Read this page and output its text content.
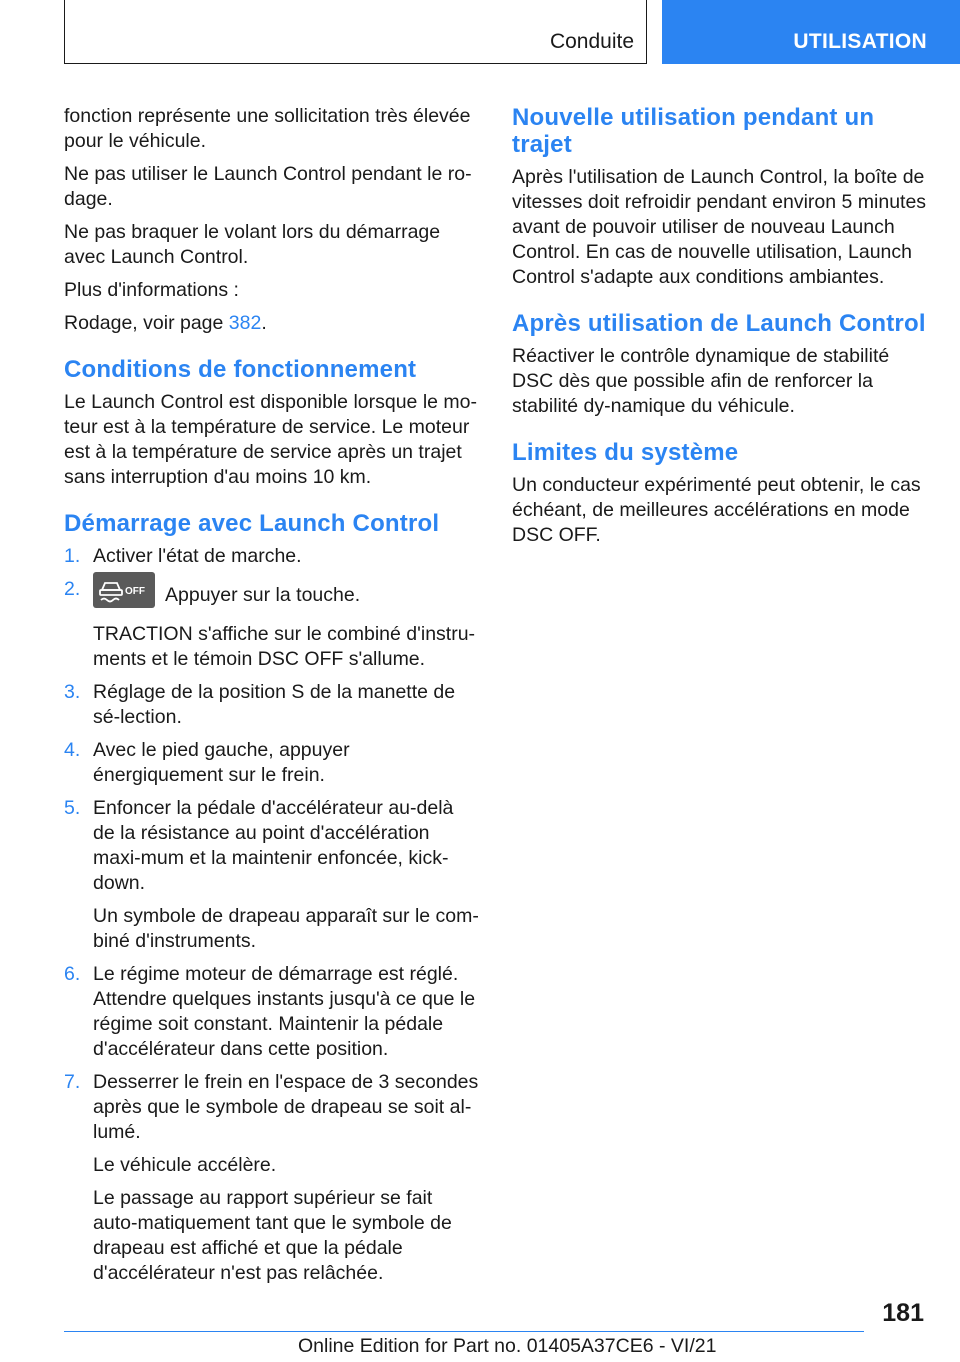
Conduite	UTILISATION

fonction représente une sollicitation très élevée pour le véhicule.

Ne pas utiliser le Launch Control pendant le ro-dage.

Ne pas braquer le volant lors du démarrage avec Launch Control.

Plus d'informations :

Rodage, voir page 382.

Conditions de fonctionnement

Le Launch Control est disponible lorsque le mo-teur est à la température de service. Le moteur est à la température de service après un trajet sans interruption d'au moins 10 km.

Démarrage avec Launch Control
1. Activer l'état de marche.

2.	OFF Appuyer sur la touche.

TRACTION s'affiche sur le combiné d'instru-ments et le témoin DSC OFF s'allume.

3. Réglage de la position S de la manette de sé-lection.

4. Avec le pied gauche, appuyer énergiquement sur le frein.

5. Enfoncer la pédale d'accélérateur au-delà de la résistance au point d'accélération maxi-mum et la maintenir enfoncée, kick-down.

Un symbole de drapeau apparaît sur le com-biné d'instruments.

6. Le régime moteur de démarrage est réglé. Attendre quelques instants jusqu'à ce que le régime soit constant. Maintenir la pédale d'accélérateur dans cette position.

7. Desserrer le frein en l'espace de 3 secondes après que le symbole de drapeau se soit al-lumé.

Le véhicule accélère.

Le passage au rapport supérieur se fait auto-matiquement tant que le symbole de drapeau est affiché et que la pédale d'accélérateur n'est pas relâchée.

Nouvelle utilisation pendant un trajet

Après l'utilisation de Launch Control, la boîte de vitesses doit refroidir pendant environ 5 minutes avant de pouvoir utiliser de nouveau Launch Control. En cas de nouvelle utilisation, Launch Control s'adapte aux conditions ambiantes.

Après utilisation de Launch Control

Réactiver le contrôle dynamique de stabilité DSC dès que possible afin de renforcer la stabilité dy-namique du véhicule.

Limites du système

Un conducteur expérimenté peut obtenir, le cas échéant, de meilleures accélérations en mode DSC OFF.

181
Online Edition for Part no. 01405A37CE6 - VI/21
